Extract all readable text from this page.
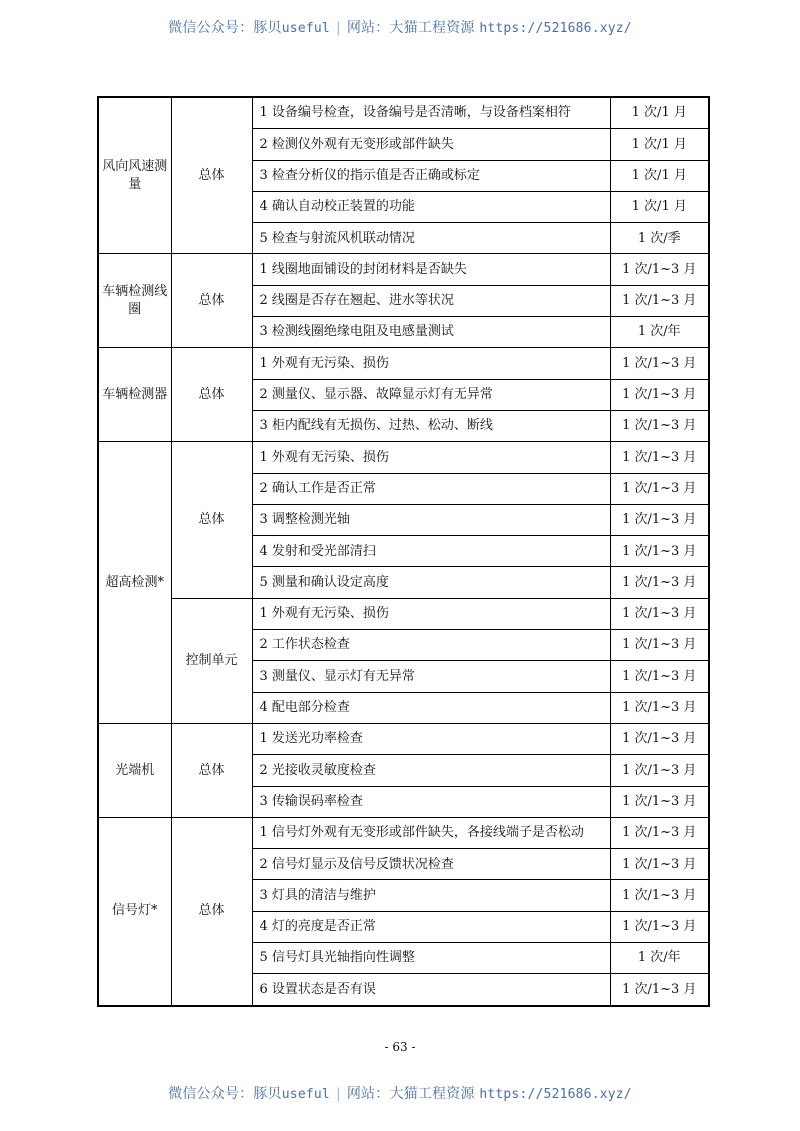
微信公众号：豚贝useful | 网站：大猫工程资源 https://521686.xyz/
风向风速测量	总体	1 设备编号检查，设备编号是否清晰，与设备档案相符	1 次/1 月
		2 检测仪外观有无变形或部件缺失	1 次/1 月
		3 检查分析仪的指示值是否正确或标定	1 次/1 月
		4 确认自动校正装置的功能	1 次/1 月
		5 检查与射流风机联动情况	1 次/季
车辆检测线圈	总体	1 线圈地面铺设的封闭材料是否缺失	1 次/1~3 月
		2 线圈是否存在翘起、进水等状况	1 次/1~3 月
		3 检测线圈绝缘电阻及电感量测试	1 次/年
车辆检测器	总体	1 外观有无污染、损伤	1 次/1~3 月
		2 测量仪、显示器、故障显示灯有无异常	1 次/1~3 月
		3 柜内配线有无损伤、过热、松动、断线	1 次/1~3 月
超高检测*	总体	1 外观有无污染、损伤	1 次/1~3 月
		2 确认工作是否正常	1 次/1~3 月
		3 调整检测光轴	1 次/1~3 月
		4 发射和受光部清扫	1 次/1~3 月
		5 测量和确认设定高度	1 次/1~3 月
	控制单元	1 外观有无污染、损伤	1 次/1~3 月
		2 工作状态检查	1 次/1~3 月
		3 测量仪、显示灯有无异常	1 次/1~3 月
		4 配电部分检查	1 次/1~3 月
光端机	总体	1 发送光功率检查	1 次/1~3 月
		2 光接收灵敏度检查	1 次/1~3 月
		3 传输误码率检查	1 次/1~3 月
信号灯*	总体	1 信号灯外观有无变形或部件缺失，各接线端子是否松动	1 次/1~3 月
		2 信号灯显示及信号反馈状况检查	1 次/1~3 月
		3 灯具的清洁与维护	1 次/1~3 月
		4 灯的亮度是否正常	1 次/1~3 月
		5 信号灯具光轴指向性调整	1 次/年
		6 设置状态是否有误	1 次/1~3 月
- 63 -
微信公众号：豚贝useful | 网站：大猫工程资源 https://521686.xyz/
